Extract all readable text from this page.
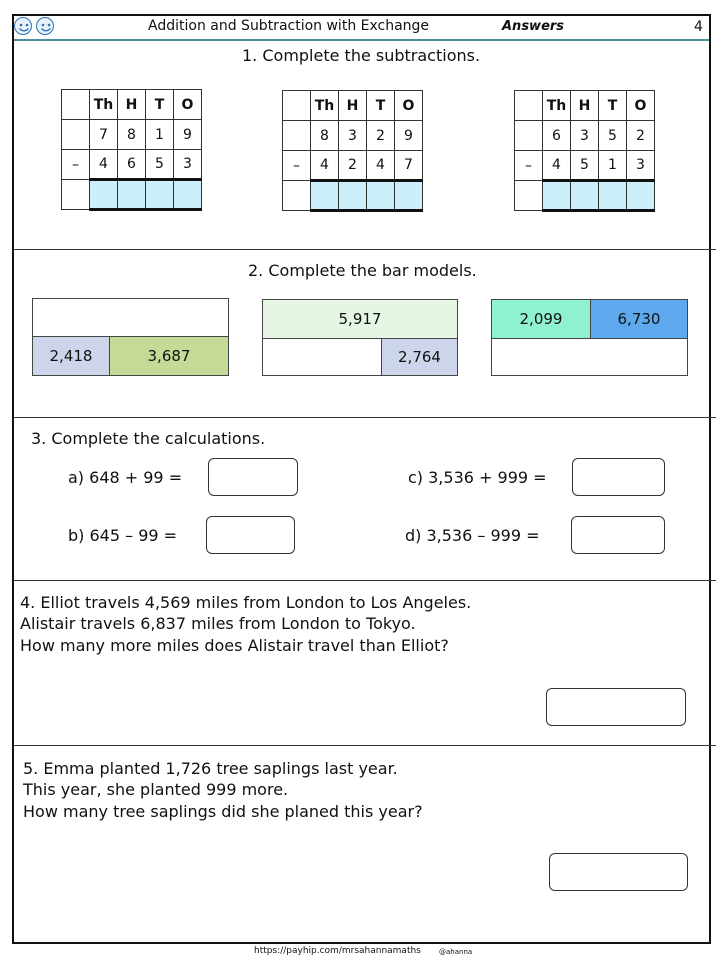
Addition and Subtraction with Exchange	Answers	4
1. Complete the subtractions.
	Th	H	T	O
	7	8	1	9
–	4	6	5	3

	Th	H	T	O
	8	3	2	9
–	4	2	4	7

	Th	H	T	O
	6	3	5	2
–	4	5	1	3

2. Complete the bar models.
2,418	3,687
5,917
2,764
2,099	6,730
3. Complete the calculations.
a) 648 + 99 =
b) 645 – 99 =
c) 3,536 + 999 =
d) 3,536 – 999 =
4. Elliot travels 4,569 miles from London to Los Angeles.
Alistair travels 6,837 miles from London to Tokyo.
How many more miles does Alistair travel than Elliot?
5. Emma planted 1,726 tree saplings last year.
This year, she planted 999 more.
How many tree saplings did she planed this year?
https://payhip.com/mrsahannamaths	@ahanna
